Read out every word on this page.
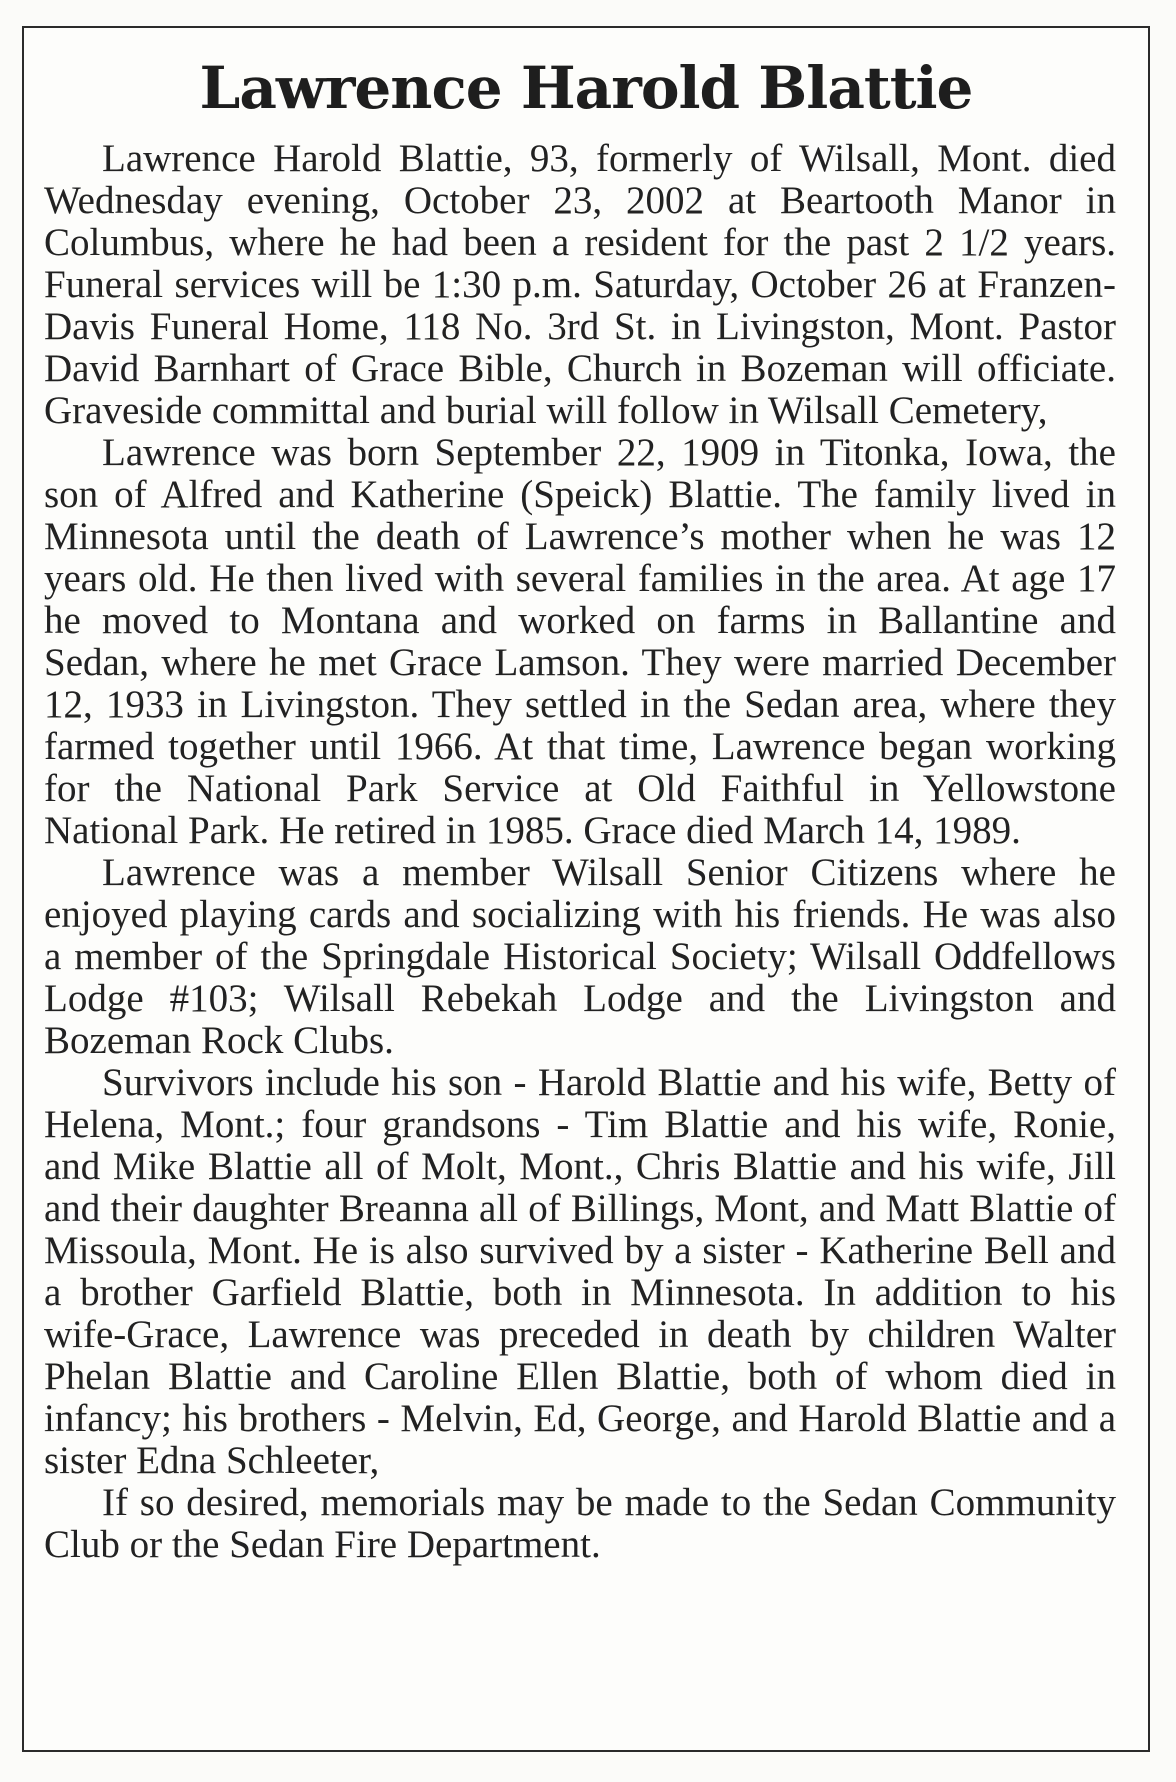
Lawrence Harold Blattie

Lawrence Harold Blattie, 93, formerly of Wilsall, Mont. died Wednesday evening, October 23, 2002 at Beartooth Manor in Columbus, where he had been a resident for the past 2 1/2 years. Funeral services will be 1:30 p.m. Saturday, October 26 at Franzen-Davis Funeral Home, 118 No. 3rd St. in Livingston, Mont. Pastor David Barnhart of Grace Bible, Church in Bozeman will officiate. Graveside committal and burial will follow in Wilsall Cemetery,

Lawrence was born September 22, 1909 in Titonka, Iowa, the son of Alfred and Katherine (Speick) Blattie. The family lived in Minnesota until the death of Lawrence’s mother when he was 12 years old. He then lived with several families in the area. At age 17 he moved to Montana and worked on farms in Ballantine and Sedan, where he met Grace Lamson. They were married December 12, 1933 in Livingston. They settled in the Sedan area, where they farmed together until 1966. At that time, Lawrence began working for the National Park Service at Old Faithful in Yellowstone National Park. He retired in 1985. Grace died March 14, 1989.

Lawrence was a member Wilsall Senior Citizens where he enjoyed playing cards and socializing with his friends. He was also a member of the Springdale Historical Society; Wilsall Oddfellows Lodge #103; Wilsall Rebekah Lodge and the Livingston and Bozeman Rock Clubs.

Survivors include his son - Harold Blattie and his wife, Betty of Helena, Mont.; four grandsons - Tim Blattie and his wife, Ronie, and Mike Blattie all of Molt, Mont., Chris Blattie and his wife, Jill and their daughter Breanna all of Billings, Mont, and Matt Blattie of Missoula, Mont. He is also survived by a sister - Katherine Bell and a brother Garfield Blattie, both in Minnesota. In addition to his wife-Grace, Lawrence was preceded in death by children Walter Phelan Blattie and Caroline Ellen Blattie, both of whom died in infancy; his brothers - Melvin, Ed, George, and Harold Blattie and a sister Edna Schleeter,

If so desired, memorials may be made to the Sedan Community Club or the Sedan Fire Department.
